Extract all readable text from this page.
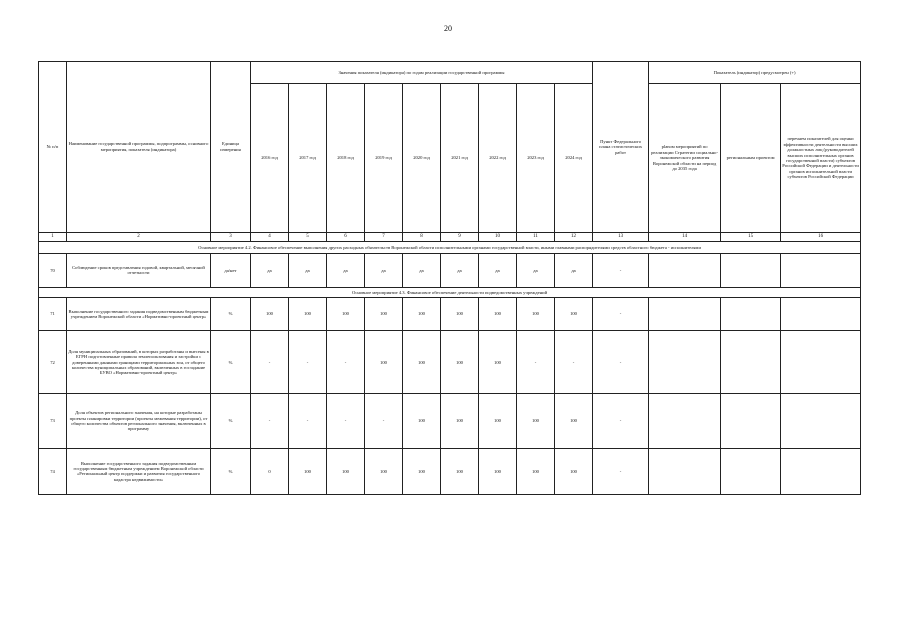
20
№ п/п	Наименование государственной программы, подпрограммы, основного мероприятия, показателя (индикатора)	Единица измерения	Значения показателя (индикатора) по годам реализации государственной программы									Пункт Федерального плана статистических работ	Показатель (индикатор) предусмотрен (+)		
			2016 год	2017 год	2018 год	2019 год	2020 год	2021 год	2022 год	2023 год	2024 год		planом мероприятий по реализации Стратегии социально-экономического развития Воронежской области на период до 2035 года	региональным проектом	перечнем показателей для оценки эффективности деятельности высших должностных лиц (руководителей высших исполнительных органов государственной власти) субъектов Российской Федерации и деятельности органов исполнительной власти субъектов Российской Федерации
1	2	3	4	5	6	7	8	9	10	11	12	13	14	15	16
Основное мероприятие 4.2. Финансовое обеспечение выполнения других расходных обязательств Воронежской области исполнительными органами государственной власти, иными главными распорядителями средств областного бюджета - исполнителями															
70	Соблюдение сроков представления годовой, квартальной, месячной отчетности	да/нет	да	да	да	да	да	да	да	да	да	-			
Основное мероприятие 4.3. Финансовое обеспечение деятельности подведомственных учреждений															
71	Выполнение государственного задания подведомственным бюджетным учреждением Воронежской области «Нормативно-проектный центр»	%	100	100	100	100	100	100	100	100	100	-			
72	Доля муниципальных образований, в которых разработаны и внесены в ЕГРН подготовленные правила землепользования и застройки с доверенными данными границами территориальных зон, от общего количества муниципальных образований, включенных в госзадание БУВО «Нормативно-проектный центр»	%	-	-	-	100	100	100	100	-	-	-			
73	Доля объектов регионального значения, на которые разработаны проекты планировки территории (проекты межевания территории), от общего количества объектов регионального значения, включенных в программу	%	-	-	-	-	100	100	100	100	100	-			
74	Выполнение государственного задания подведомственным государственным бюджетным учреждением Воронежской области «Региональный центр поддержки и развития государственного кадастра недвижимости»	%	0	100	100	100	100	100	100	100	100	-			
